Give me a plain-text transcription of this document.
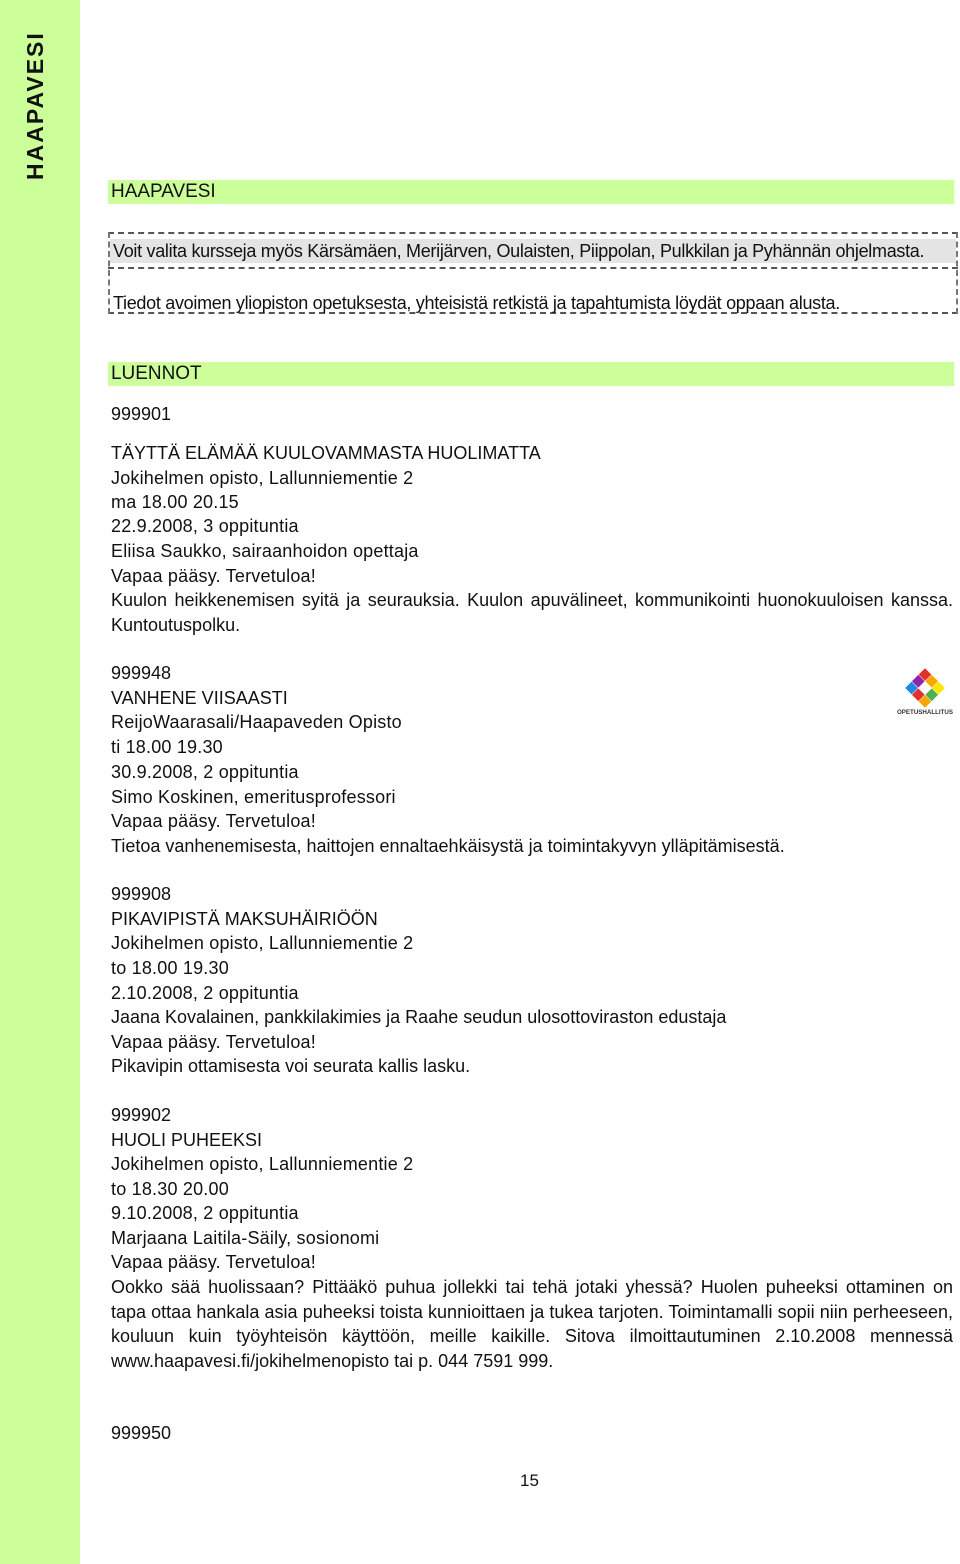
HAAPAVESI
HAAPAVESI
Voit valita kursseja myös Kärsämäen, Merijärven, Oulaisten, Piippolan, Pulkkilan ja Pyhännän ohjelmasta.
Tiedot avoimen yliopiston opetuksesta, yhteisistä retkistä ja tapahtumista löydät oppaan alusta.
LUENNOT
999901
TÄYTTÄ ELÄMÄÄ KUULOVAMMASTA HUOLIMATTA
Jokihelmen opisto, Lallunniementie 2
ma 18.00 20.15
22.9.2008, 3 oppituntia
Eliisa Saukko, sairaanhoidon opettaja
Vapaa pääsy. Tervetuloa!
999948
VANHENE VIISAASTI
ReijoWaarasali/Haapaveden Opisto
ti 18.00 19.30
30.9.2008, 2 oppituntia
Simo Koskinen, emeritusprofessori
Vapaa pääsy. Tervetuloa!
Tietoa vanhenemisesta, haittojen ennaltaehkäisystä ja toimintakyvyn ylläpitämisestä.
999908
PIKAVIPISTÄ MAKSUHÄIRIÖÖN
Jokihelmen opisto, Lallunniementie 2
to 18.00 19.30
2.10.2008, 2 oppituntia
Jaana Kovalainen, pankkilakimies ja Raahe seudun ulosottoviraston edustaja
Vapaa pääsy. Tervetuloa!
Pikavipin ottamisesta voi seurata kallis lasku.
999902
HUOLI PUHEEKSI
Jokihelmen opisto, Lallunniementie 2
to 18.30 20.00
9.10.2008, 2 oppituntia
Marjaana Laitila-Säily, sosionomi
Vapaa pääsy. Tervetuloa!
999950
Kuulon heikkenemisen syitä ja seurauksia. Kuulon apuvälineet, kommunikointi huonokuuloisen kanssa. Kuntoutuspolku.
Ookko sää huolissaan? Pittääkö puhua jollekki tai tehä jotaki yhessä? Huolen puheeksi ottaminen on tapa ottaa hankala asia puheeksi toista kunnioittaen ja tukea tarjoten. Toimintamalli sopii niin perheeseen, kouluun kuin työyhteisön käyttöön, meille kaikille. Sitova ilmoittautuminen 2.10.2008 mennessä www.haapavesi.fi/jokihelmenopisto tai p. 044 7591 999.
OPETUSHALLITUS
15
